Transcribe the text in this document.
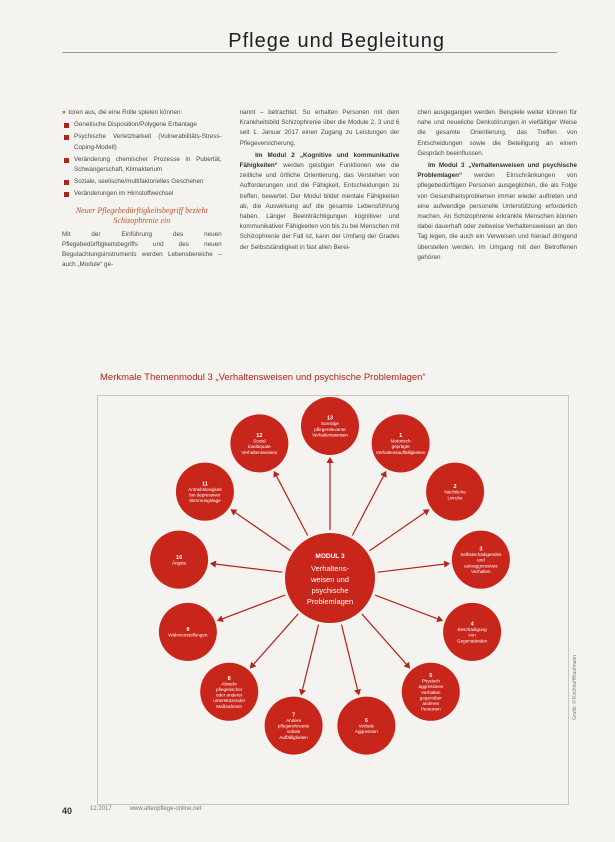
Pflege und Begleitung

» toren aus, die eine Rolle spielen können:

Genetische Disposition/Polygene Erbanlage
Psychische Verletzbarkeit (Vulnerabilitäts-Stress-Coping-Modell)
Veränderung chemischer Prozesse in Pubertät, Schwangerschaft, Klimakterium
Soziale, seelische/multifaktorielles Geschehen
Veränderungen im Hirnstoffwechsel
Neuer Pflegebedürftigkeitsbegriff bezieht Schizophrenie ein

Mit der Einführung des neuen Pflegebedürftigkeitsbegriffs und des neuen Begutachtungsinstruments werden Lebensbereiche – auch „Module“ ge-

nannt – betrachtet. So erhalten Personen mit dem Krankheitsbild Schizophrenie über die Module 2, 3 und 6 seit 1. Januar 2017 einen Zugang zu Leistungen der Pflegeversicherung.

Im Modul 2 „Kognitive und kommunikative Fähigkeiten“ werden geistigen Funktionen wie die zeitliche und örtliche Orientierung, das Verstehen von Aufforderungen und die Fähigkeit, Entscheidungen zu treffen, bewertet. Der Modul bildet mentale Fähigkeiten ab, die Auswirkung auf die gesamte Lebensführung haben. Länger Beeinträchtigungen kognitiver und kommunikativer Fähigkeiten von bis zu bei Menschen mit Schizophrenie der Fall ist, kann der Umfang der Grades der Selbstständigkeit in fast allen Berei-

chen ausgegangen werden. Beispiele weiter können für nahe und neueliche Denkstörungen in vielfältiger Weise die gesamte Orientierung, das Treffen von Entscheidungen sowie die Beteiligung an einem Gespräch beeinflussen.

Im Modul 3 „Verhaltensweisen und psychische Problemlagen“ werden Einschränkungen von pflegebedürftigen Personen ausgeglichen, die als Folge von Gesundheitsproblemen immer wieder auftreten und eine aufwendige personelle Unterstützung erforderlich machen. An Schizophrenie erkrankte Menschen können dabei dauerhaft oder zeitweise Verhaltensweisen an den Tag legen, die auch ein Verweisen und hierauf dringend überstellen werden. Im Umgang mit den Betroffenen gehören

Merkmale Themenmodul 3 „Verhaltensweisen und psychische Problemlagen“
13
Sonstige
pflegerelevante
Verhaltensweisen	1
Motorisch
geprägte
Verhaltensauffälligkeiten
2
Nächtliche
Unruhe
3
Selbstschädigendes
und
autoaggressives
Verhalten
4
Beschädigung
von
Gegenständen
5
Physisch
aggressives
Verhalten
gegenüber
anderen
Personen
6
Verbale
Aggression
7
Andere
pflegerelevante
vokale
Auffälligkeiten
8
Abwehr
pflegerischer
oder anderer
unterstützender
Maßnahmen
9
Wahnvorstellungen
10
Ängste
11
Antriebslosigkeit
bei depressiver
Stimmungslage
12
Sozial
inadäquate
Verhaltensweisen
MODUL 3
Verhaltens-
weisen und
psychische
Problemlagen
Grafik: © Kirchhoff/Kaufmann
40	12.2017	www.altenpflege-online.net
